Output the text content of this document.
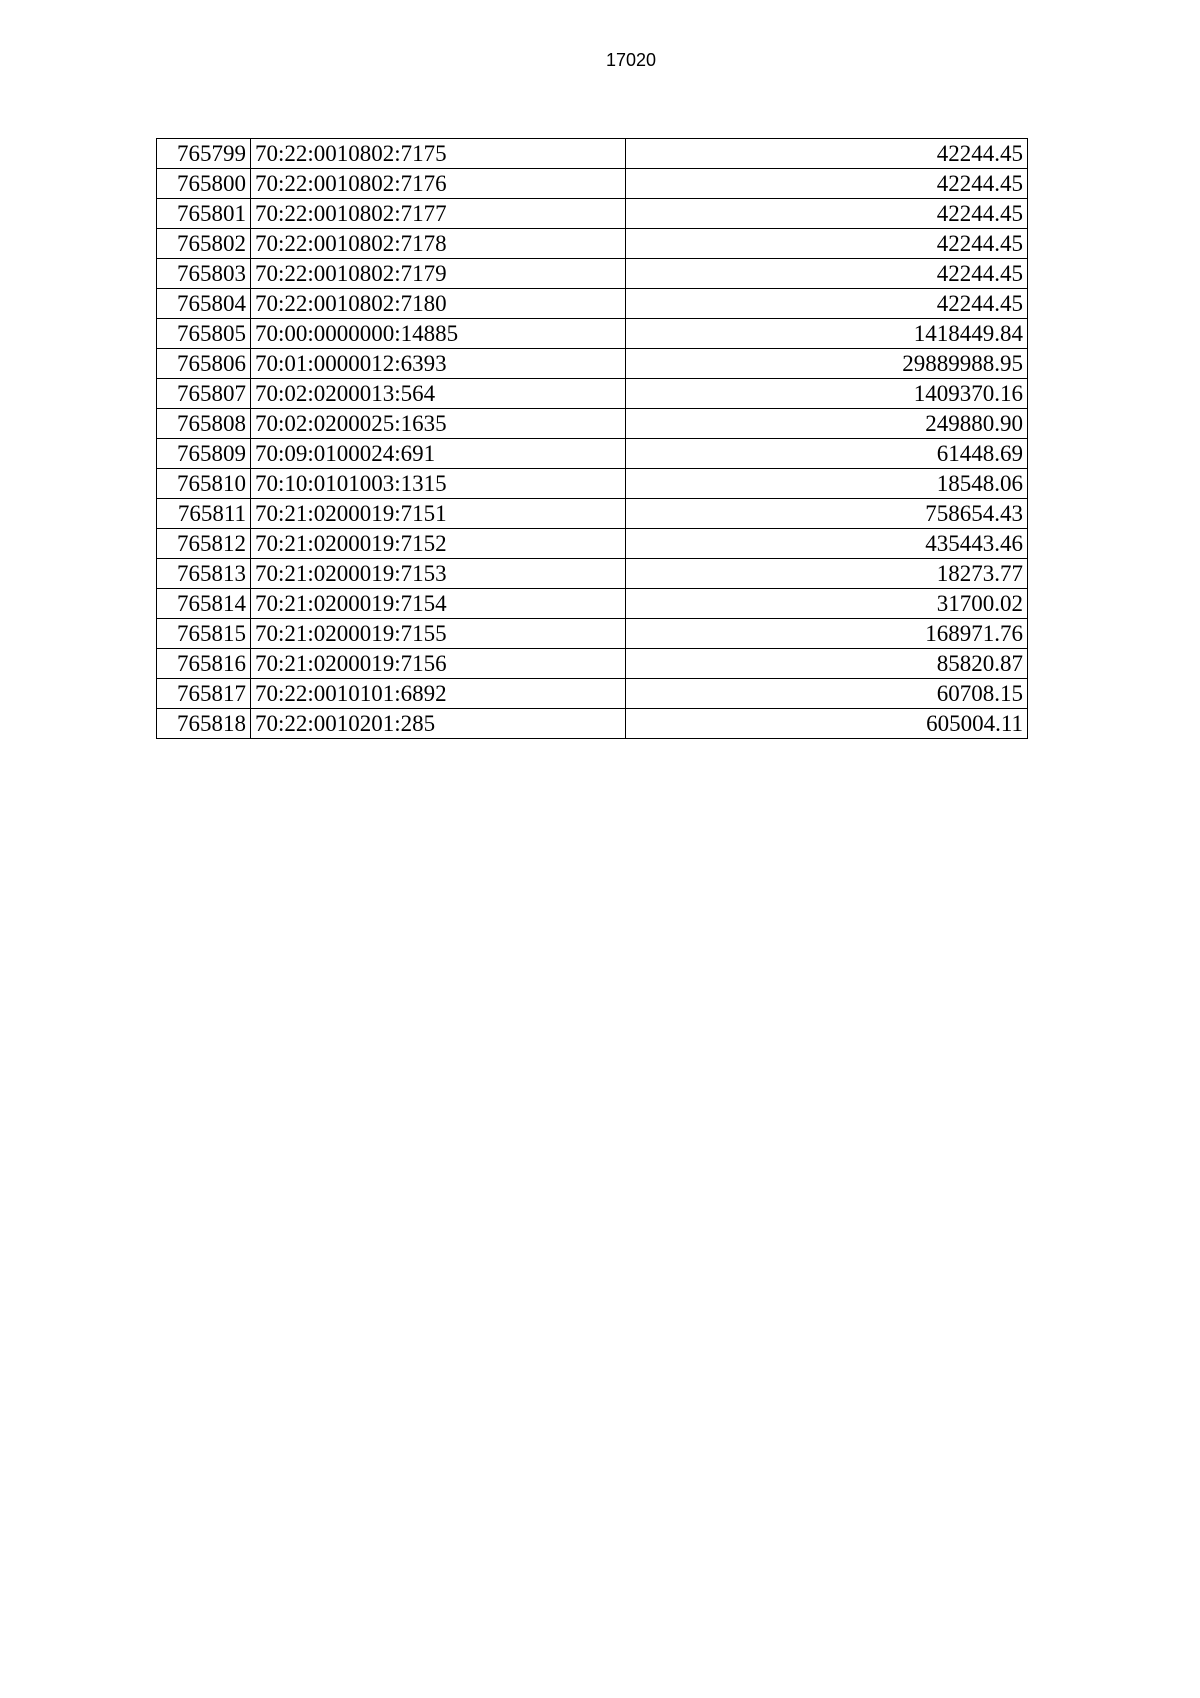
17020
765799	70:22:0010802:7175	42244.45
765800	70:22:0010802:7176	42244.45
765801	70:22:0010802:7177	42244.45
765802	70:22:0010802:7178	42244.45
765803	70:22:0010802:7179	42244.45
765804	70:22:0010802:7180	42244.45
765805	70:00:0000000:14885	1418449.84
765806	70:01:0000012:6393	29889988.95
765807	70:02:0200013:564	1409370.16
765808	70:02:0200025:1635	249880.90
765809	70:09:0100024:691	61448.69
765810	70:10:0101003:1315	18548.06
765811	70:21:0200019:7151	758654.43
765812	70:21:0200019:7152	435443.46
765813	70:21:0200019:7153	18273.77
765814	70:21:0200019:7154	31700.02
765815	70:21:0200019:7155	168971.76
765816	70:21:0200019:7156	85820.87
765817	70:22:0010101:6892	60708.15
765818	70:22:0010201:285	605004.11
